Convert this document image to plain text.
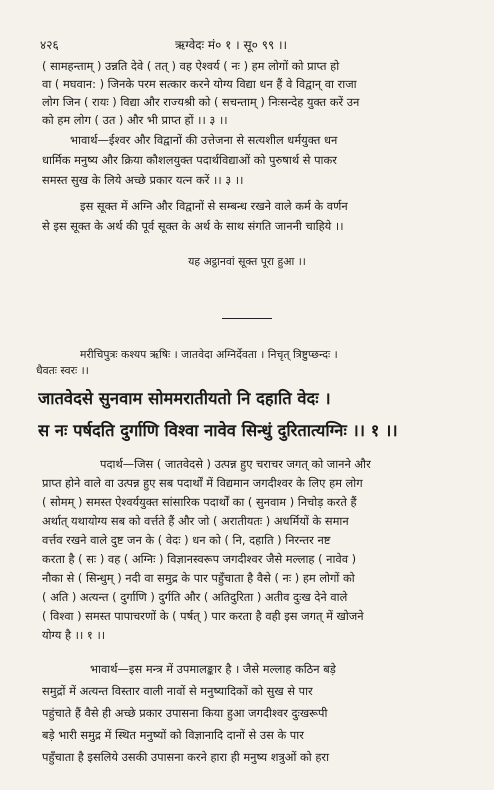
४२६	ऋग्वेदः मं० १ । सू० ९९ ।।
( सामहन्ताम् ) उन्नति देवे ( तत् ) वह ऐश्वर्य ( नः ) हम लोगों को प्राप्त हो
वा ( मघवान: ) जिनके परम सत्कार करने योग्य विद्या धन हैं वे विद्वान् वा राजा
लोग जिन ( रायः ) विद्या और राज्यश्री को ( सचन्ताम् ) निःसन्देह युक्त करें उन
को हम लोग ( उत ) और भी प्राप्त हों ।। ३ ।।
भावार्थ—ईश्वर और विद्वानों की उत्तेजना से सत्यशील धर्मयुक्त धन
धार्मिक मनुष्य और क्रिया कौशलयुक्त पदार्थविद्याओं को पुरुषार्थ से पाकर
समस्त सुख के लिये अच्छे प्रकार यत्न करें ।। ३ ।।
इस सूक्त में अग्नि और विद्वानों से सम्बन्ध रखने वाले कर्म के वर्णन
से इस सूक्त के अर्थ की पूर्व सूक्त के अर्थ के साथ संगति जाननी चाहिये ।।
यह अट्ठानवां सूक्त पूरा हुआ ।।
मरीचिपुत्रः कश्यप ऋषिः । जातवेदा अग्निर्देवता । निचृत् त्रिष्टुप्छन्दः ।
धैवतः स्वरः ।।
जातवेदसे सुनवाम सोममरातीयतो नि दहाति वेदः ।
स नः पर्षदति दुर्गाणि विश्वा नावेव सिन्धुं दुरितात्यग्निः ।। १ ।।
पदार्थ—जिस ( जातवेदसे ) उत्पन्न हुए चराचर जगत् को जानने और
प्राप्त होने वाले वा उत्पन्न हुए सब पदार्थों में विद्यमान जगदीश्वर के लिए हम लोग
( सोमम् ) समस्त ऐश्वर्ययुक्त सांसारिक पदार्थों का ( सुनवाम ) निचोड़ करते हैं
अर्थात् यथायोग्य सब को वर्त्तते हैं और जो ( अरातीयतः ) अधर्मियों के समान
वर्त्तव रखने वाले दुष्ट जन के ( वेदः ) धन को ( नि, दहाति ) निरन्तर नष्ट
करता है ( सः ) वह ( अग्निः ) विज्ञानस्वरूप जगदीश्वर जैसे मल्लाह ( नावेव )
नौका से ( सिन्धुम् ) नदी वा समुद्र के पार पहुँचाता है वैसे ( नः ) हम लोगों को
( अति ) अत्यन्त ( दुर्गाणि ) दुर्गति और ( अतिदुरिता ) अतीव दुःख देने वाले
( विश्वा ) समस्त पापाचरणों के ( पर्षत् ) पार करता है वही इस जगत् में खोजने
योग्य है ।। १ ।।
भावार्थ—इस मन्त्र में उपमालङ्कार है । जैसे मल्लाह कठिन बड़े
समुद्रों में अत्यन्त विस्तार वाली नावों से मनुष्यादिकों को सुख से पार
पहुंचाते हैं वैसे ही अच्छे प्रकार उपासना किया हुआ जगदीश्वर दुःखरूपी
बड़े भारी समुद्र में स्थित मनुष्यों को विज्ञानादि दानों से उस के पार
पहुँचाता है इसलिये उसकी उपासना करने हारा ही मनुष्य शत्रुओं को हरा
